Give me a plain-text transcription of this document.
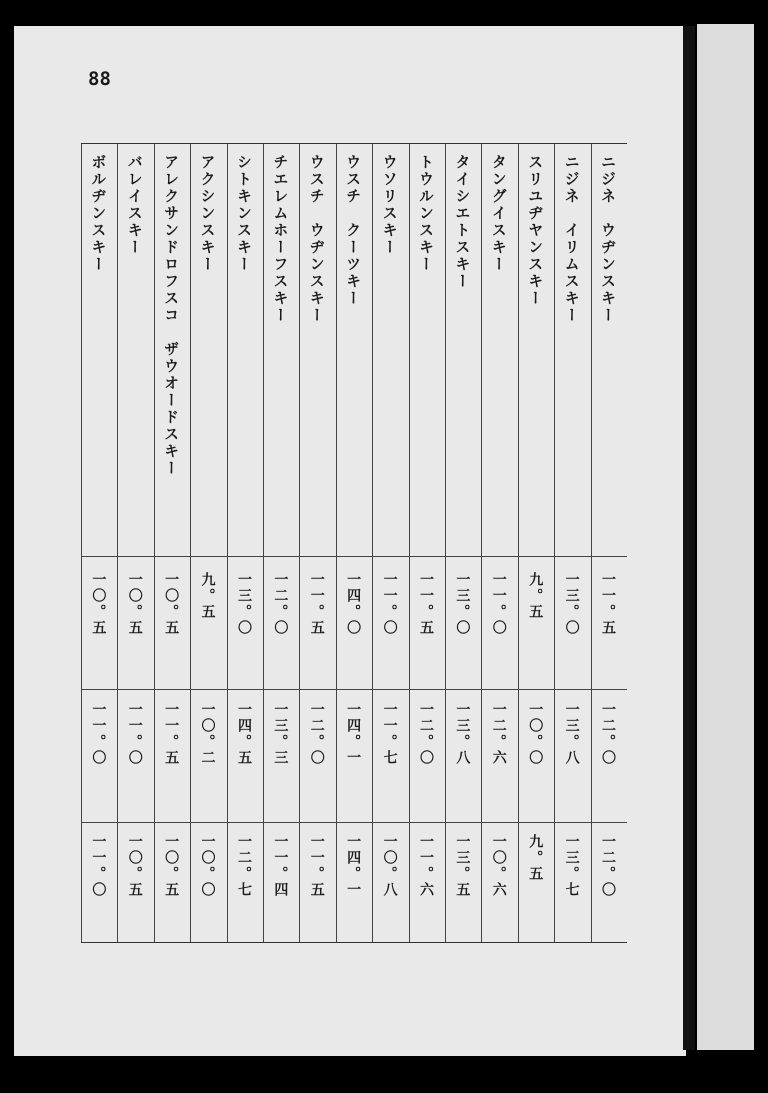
88
ニジネ　ウヂンスキー
一一。五
一二。〇
一二。〇
ニジネ　イリムスキー
一三。〇
一三。八
一三。七
スリユヂヤンスキー
九。五
一〇。〇
九。五
タングイスキー
一一。〇
一二。六
一〇。六
タイシエトスキー
一三。〇
一三。八
一三。五
トウルンスキー
一一。五
一二。〇
一一。六
ウソリスキー
一一。〇
一一。七
一〇。八
ウスチ　クーツキー
一四。〇
一四。一
一四。一
ウスチ　ウヂンスキー
一一。五
一二。〇
一一。五
チエレムホーフスキー
一二。〇
一三。三
一一。四
シトキンスキー
一三。〇
一四。五
一二。七
アクシンスキー
九。五
一〇。二
一〇。〇
アレクサンドロフスコ　ザウオードスキー
一〇。五
一一。五
一〇。五
バレイスキー
一〇。五
一一。〇
一〇。五
ボルヂンスキー
一〇。五
一一。〇
一一。〇
